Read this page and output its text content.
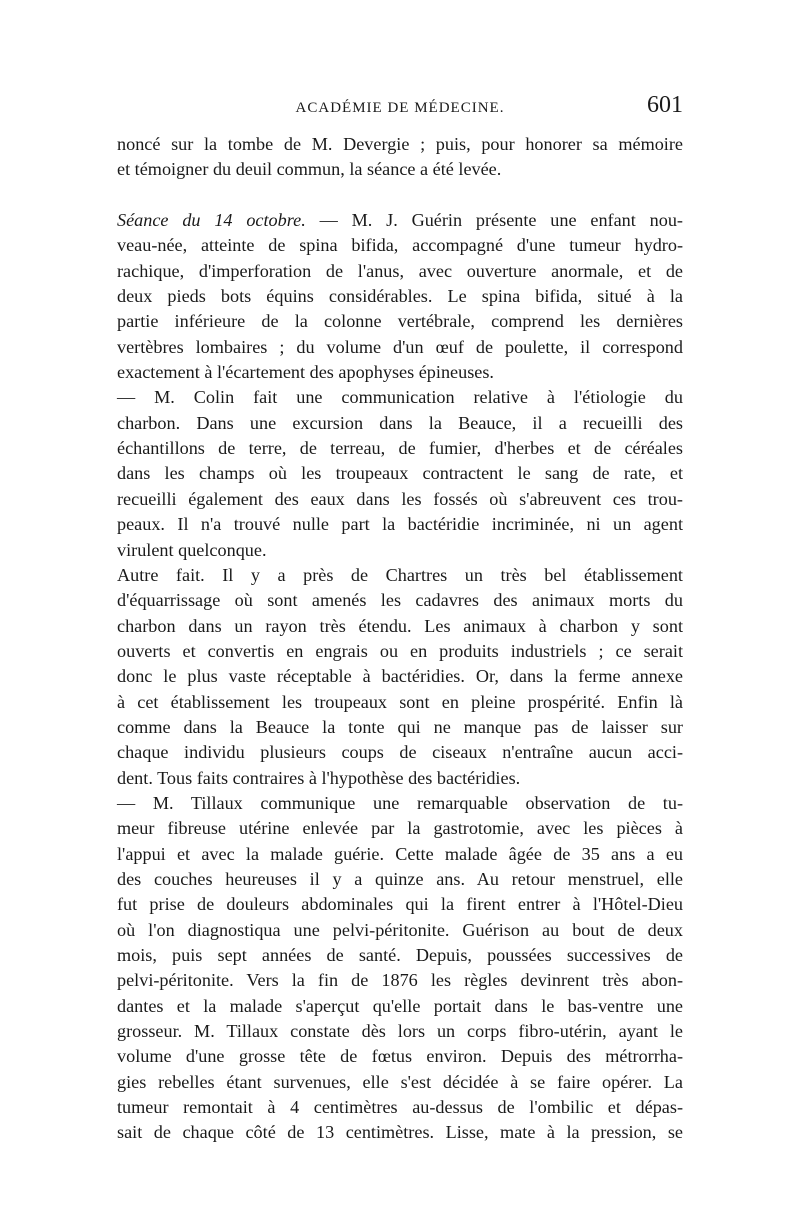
ACADÉMIE DE MÉDECINE.	601
noncé sur la tombe de M. Devergie ; puis, pour honorer sa mémoire
et témoigner du deuil commun, la séance a été levée.
Séance du 14 octobre. — M. J. Guérin présente une enfant nou-
veau-née, atteinte de spina bifida, accompagné d'une tumeur hydro-
rachique, d'imperforation de l'anus, avec ouverture anormale, et de
deux pieds bots équins considérables. Le spina bifida, situé à la
partie inférieure de la colonne vertébrale, comprend les dernières
vertèbres lombaires ; du volume d'un œuf de poulette, il correspond
exactement à l'écartement des apophyses épineuses.
— M. Colin fait une communication relative à l'étiologie du
charbon. Dans une excursion dans la Beauce, il a recueilli des
échantillons de terre, de terreau, de fumier, d'herbes et de céréales
dans les champs où les troupeaux contractent le sang de rate, et
recueilli également des eaux dans les fossés où s'abreuvent ces trou-
peaux. Il n'a trouvé nulle part la bactéridie incriminée, ni un agent
virulent quelconque.
Autre fait. Il y a près de Chartres un très bel établissement
d'équarrissage où sont amenés les cadavres des animaux morts du
charbon dans un rayon très étendu. Les animaux à charbon y sont
ouverts et convertis en engrais ou en produits industriels ; ce serait
donc le plus vaste réceptable à bactéridies. Or, dans la ferme annexe
à cet établissement les troupeaux sont en pleine prospérité. Enfin là
comme dans la Beauce la tonte qui ne manque pas de laisser sur
chaque individu plusieurs coups de ciseaux n'entraîne aucun acci-
dent. Tous faits contraires à l'hypothèse des bactéridies.
— M. Tillaux communique une remarquable observation de tu-
meur fibreuse utérine enlevée par la gastrotomie, avec les pièces à
l'appui et avec la malade guérie. Cette malade âgée de 35 ans a eu
des couches heureuses il y a quinze ans. Au retour menstruel, elle
fut prise de douleurs abdominales qui la firent entrer à l'Hôtel-Dieu
où l'on diagnostiqua une pelvi-péritonite. Guérison au bout de deux
mois, puis sept années de santé. Depuis, poussées successives de
pelvi-péritonite. Vers la fin de 1876 les règles devinrent très abon-
dantes et la malade s'aperçut qu'elle portait dans le bas-ventre une
grosseur. M. Tillaux constate dès lors un corps fibro-utérin, ayant le
volume d'une grosse tête de fœtus environ. Depuis des métrorrha-
gies rebelles étant survenues, elle s'est décidée à se faire opérer. La
tumeur remontait à 4 centimètres au-dessus de l'ombilic et dépas-
sait de chaque côté de 13 centimètres. Lisse, mate à la pression, se
